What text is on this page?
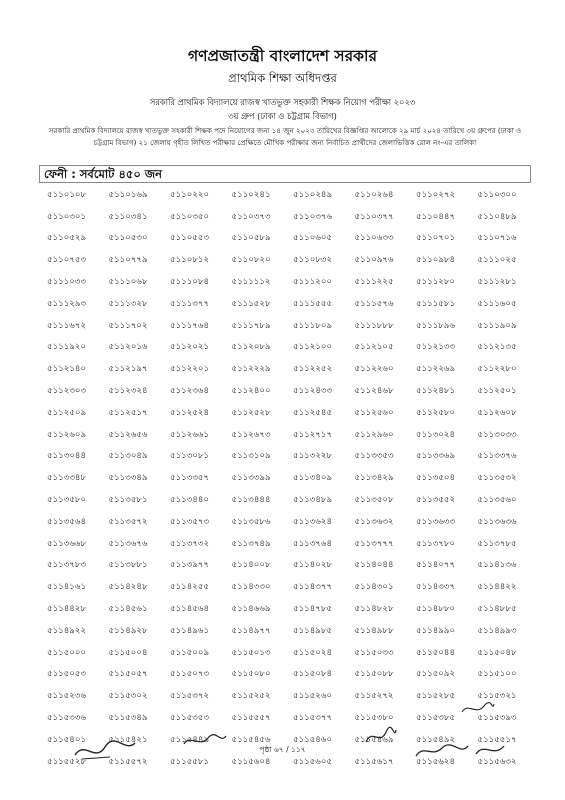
গণপ্রজাতন্ত্রী বাংলাদেশ সরকার
প্রাথমিক শিক্ষা অধিদপ্তর
সরকারি প্রাথমিক বিদ্যালয়ে রাজস্ব খাতভুক্ত সহকারী শিক্ষক নিয়োগ পরীক্ষা ২০২৩
৩য় গ্রুপ (ঢাকা ও চট্টগ্রাম বিভাগ)
সরকারি প্রাথমিক বিদ্যালয়ে রাজস্ব খাতভুক্ত সহকারী শিক্ষক পদে নিয়োগের জন্য ১৪ জুন ২০২৩ তারিখের বিজ্ঞপ্তির আলোকে ২৯ মার্চ ২০২৪ তারিখে ৩য় গ্রুপের (ঢাকা ও চট্টগ্রাম বিভাগ) ২১ জেলায় গৃহীত লিখিত পরীক্ষার প্রেক্ষিতে মৌখিক পরীক্ষার জন্য নির্বাচিত প্রার্থীদের জেলাভিত্তিক রোল নং-এর তালিকা
ফেনী : সর্বমোট ৪৫০ জন
৫১১০১০৮	৫১১০১৬৯	৫১১০২২০	৫১১০২৪১	৫১১০২৪৯	৫১১০২৬৪	৫১১০২৭২	৫১১০৩০০
৫১১০৩০১	৫১১০৩৪১	৫১১০৩৫০	৫১১০৩৭৩	৫১১০৩৭৬	৫১১০৩৭৭	৫১১০৪৪৭	৫১১০৪৮৯
৫১১০৫২৯	৫১১০৫৩০	৫১১০৫৫৩	৫১১০৫৮৯	৫১১০৬০৫	৫১১০৬৩৩	৫১১০৭০১	৫১১০৭১৬
৫১১০৭৫৩	৫১১০৭৭৯	৫১১০৮১২	৫১১০৮২০	৫১১০৮৩২	৫১১০৯৭৬	৫১১০৯৮৪	৫১১১০২৫
৫১১১০৩৩	৫১১১০৬৮	৫১১১০৮৪	৫১১১১১২	৫১১১২০০	৫১১১২২৫	৫১১১২৮০	৫১১১২৮১
৫১১১২৯৩	৫১১১৩২৮	৫১১১৩৭৭	৫১১১৫২৮	৫১১১৫৫৫	৫১১১৫৭৬	৫১১১৫৮১	৫১১১৬০৫
৫১১১৬৭২	৫১১১৭০২	৫১১১৭৬৪	৫১১১৭৮৯	৫১১১৮০৯	৫১১১৮৮৮	৫১১১৮৯৬	৫১১১৯০৯
৫১১১৯২০	৫১১২০১৬	৫১১২০২১	৫১১২০৮৯	৫১১২১০০	৫১১২১০৫	৫১১২১৩৩	৫১১২১৩৫
৫১১২১৪০	৫১১২১৯৭	৫১১২২০১	৫১১২২২৯	৫১১২২৫২	৫১১২২৬০	৫১১২২৬৯	৫১১২২৮০
৫১১২৩০৩	৫১১২৩২৪	৫১১২৩৬৪	৫১১২৪০০	৫১১২৪৩৩	৫১১২৪৬৮	৫১১২৪৮১	৫১১২৫০১
৫১১২৫০৯	৫১১২৫১৭	৫১১২৫২৪	৫১১২৫২৮	৫১১২৫৪৫	৫১১২৫৬০	৫১১২৫৮০	৫১১২৬০৮
৫১১২৬০৯	৫১১২৬৫৬	৫১১২৬৬১	৫১১২৬৭৩	৫১১২৭১৭	৫১১২৯৬০	৫১১৩০২৪	৫১১৩০৩৩
৫১১৩০৪৪	৫১১৩০৪৯	৫১১৩০৮১	৫১১৩১০৯	৫১১৩২২৮	৫১১৩৩৫৩	৫১১৩৩৬৯	৫১১৩৩৭৬
৫১১৩৩৪৮	৫১১৩৩৪৯	৫১১৩৩৫৭	৫১১৩৩৯৯	৫১১৩৪০৯	৫১১৩৪২৯	৫১১৩৫০৪	৫১১৩৫৩২
৫১১৩৫৮০	৫১১৩৫৮১	৫১১৩৪৪০	৫১১৩৪৪৪	৫১১৩৪৮৯	৫১১৩৫০৮	৫১১৩৫৫২	৫১১৩৫৬০
৫১১৩৫৬৪	৫১১৩৫৭২	৫১১৩৫৭৩	৫১১৩৫৮৬	৫১১৩৬২৪	৫১১৩৬৩২	৫১১৩৬৩৩	৫১১৩৬৩৬
৫১১৩৬৬৮	৫১১৩৬৭৬	৫১১৩৭৩২	৫১১৩৭৪৯	৫১১৩৭৬৪	৫১১৩৭৭৭	৫১১৩৭৮০	৫১১৩৭৮৫
৫১১৩৭৮৩	৫১১৩৮৮১	৫১১৩৯৭৭	৫১১৪০০৮	৫১১৪০২৮	৫১১৪০৪৪	৫১১৪০৭৭	৫১১৪১৩৬
৫১১৪১৬১	৫১১৪২৪৮	৫১১৪২৫৫	৫১১৪৩৩০	৫১১৪৩৭৭	৫১১৪৩০১	৫১১৪৩৩৭	৫১১৪৪২২
৫১১৪৪২৮	৫১১৪৫৬১	৫১১৪৫৬৪	৫১১৪৬৬৯	৫১১৪৭৮৫	৫১১৪৮২৮	৫১১৪৮৮০	৫১১৪৮৮৫
৫১১৪৯২২	৫১১৪৯২৮	৫১১৪৯৬১	৫১১৪৯৭৭	৫১১৪৯৮৫	৫১১৪৯৮৮	৫১১৪৯৯০	৫১১৪৯৯৩
৫১১৫০০০	৫১১৫০০৪	৫১১৫০০৯	৫১১৫০১৩	৫১১৫০২৪	৫১১৫০৩৩	৫১১৫০৪৪	৫১১৫০৪৮
৫১১৫০৫৩	৫১১৫০৫৭	৫১১৫০৭৩	৫১১৫০৮০	৫১১৫০৮৪	৫১১৫০৮৮	৫১১৫০৯২	৫১১৫১০০
৫১১৫২৩৬	৫১১৫৩০২	৫১১৫৩৭২	৫১১৫২৫২	৫১১৫২৬০	৫১১৫২৭২	৫১১৫২৮৫	৫১১৫৩২১
৫১১৫৩৩৬	৫১১৫৩৪৯	৫১১৫৩৫৩	৫১১৫৫৫৭	৫১১৫৩৭৭	৫১১৫৩৮০	৫১১৫৩৮৫	৫১১৫৩৯৩
৫১১৫৪০১	৫১১৫৪২১	৫১১৫৪৪৯	৫১১৫৪৫৬	৫১১৫৪৬০	৫১১৫৪৬৯	৫১১৫৪৯২	৫১১৫৫১৭
৫১১৫৫২৮	৫১১৫৫৭২	৫১১৫৫৮১	৫১১৫৬০৪	৫১১৫৬০৫	৫১১৫৬১৭	৫১১৫৬২৪	৫১১৫৬৩২
পৃষ্ঠা ৬৭ / ১১৭
